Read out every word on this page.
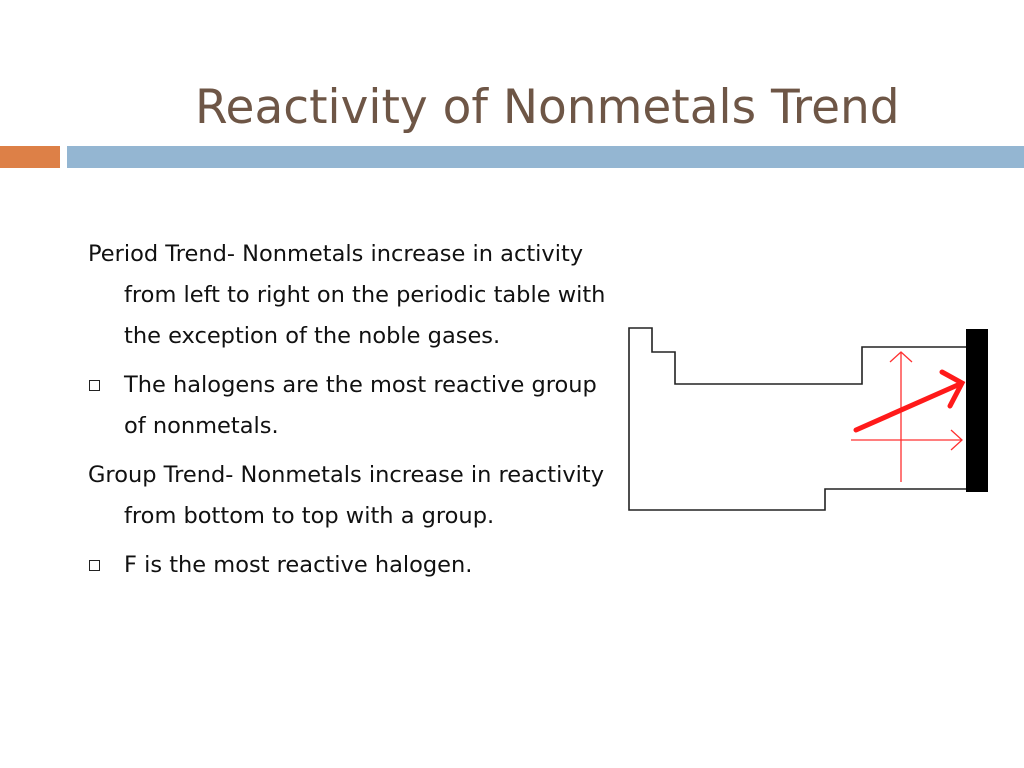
Reactivity of Nonmetals Trend

Period Trend- Nonmetals increase in activity from left to right on the periodic table with the exception of the noble gases.

The halogens are the most reactive group of nonmetals.

Group Trend- Nonmetals increase in reactivity from bottom to top with a group.

F is the most reactive halogen.
